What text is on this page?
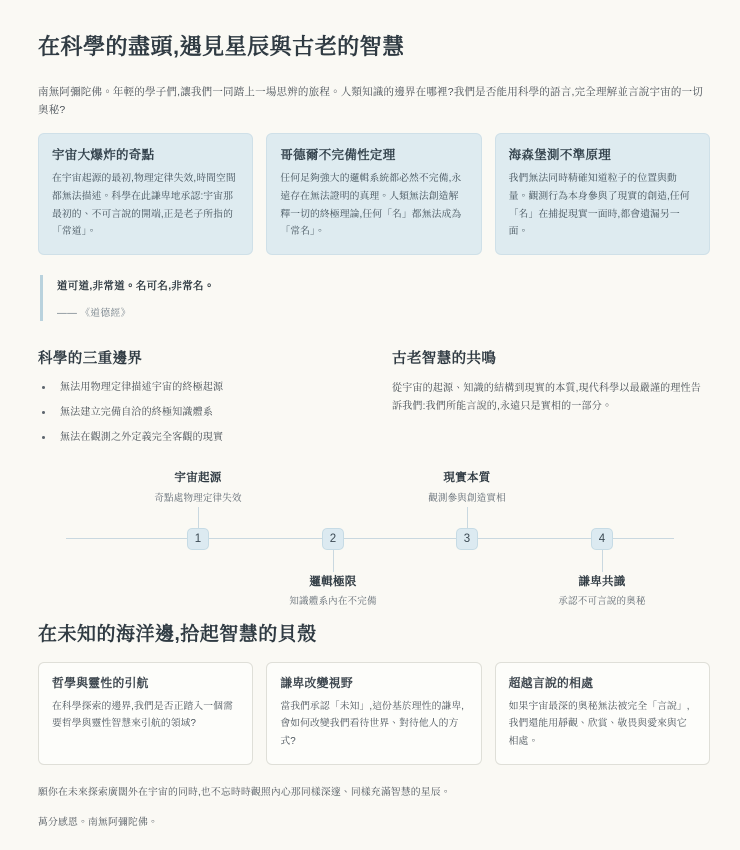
在科學的盡頭,遇見星辰與古老的智慧

南無阿彌陀佛。年輕的學子們,讓我們一同踏上一場思辨的旅程。人類知識的邊界在哪裡?我們是否能用科學的語言,完全理解並言說宇宙的一切奧秘?

宇宙大爆炸的奇點
在宇宙起源的最初,物理定律失效,時間空間都無法描述。科學在此謙卑地承認:宇宙那最初的、不可言說的開端,正是老子所指的「常道」。
哥德爾不完備性定理
任何足夠強大的邏輯系統都必然不完備,永遠存在無法證明的真理。人類無法創造解釋一切的終極理論,任何「名」都無法成為「常名」。
海森堡測不準原理
我們無法同時精確知道粒子的位置與動量。觀測行為本身參與了現實的創造,任何「名」在捕捉現實一面時,都會遺漏另一面。
道可道,非常道。名可名,非常名。
—— 《道德經》
科學的三重邊界
無法用物理定律描述宇宙的終極起源
無法建立完備自洽的終極知識體系
無法在觀測之外定義完全客觀的現實
古老智慧的共鳴

從宇宙的起源、知識的結構到現實的本質,現代科學以最嚴謹的理性告訴我們:我們所能言說的,永遠只是實相的一部分。

宇宙起源
奇點處物理定律失效
1	2
邏輯極限
知識體系內在不完備
現實本質
觀測參與創造實相
3	4
謙卑共識
承認不可言說的奧秘
在未知的海洋邊,拾起智慧的貝殼
哲學與靈性的引航
在科學探索的邊界,我們是否正踏入一個需要哲學與靈性智慧來引航的領域?
謙卑改變視野
當我們承認「未知」,這份基於理性的謙卑,會如何改變我們看待世界、對待他人的方式?
超越言說的相處
如果宇宙最深的奧秘無法被完全「言說」,我們還能用靜觀、欣賞、敬畏與愛來與它相處。

願你在未來探索廣闊外在宇宙的同時,也不忘時時觀照內心那同樣深邃、同樣充滿智慧的星辰。

萬分感恩。南無阿彌陀佛。
